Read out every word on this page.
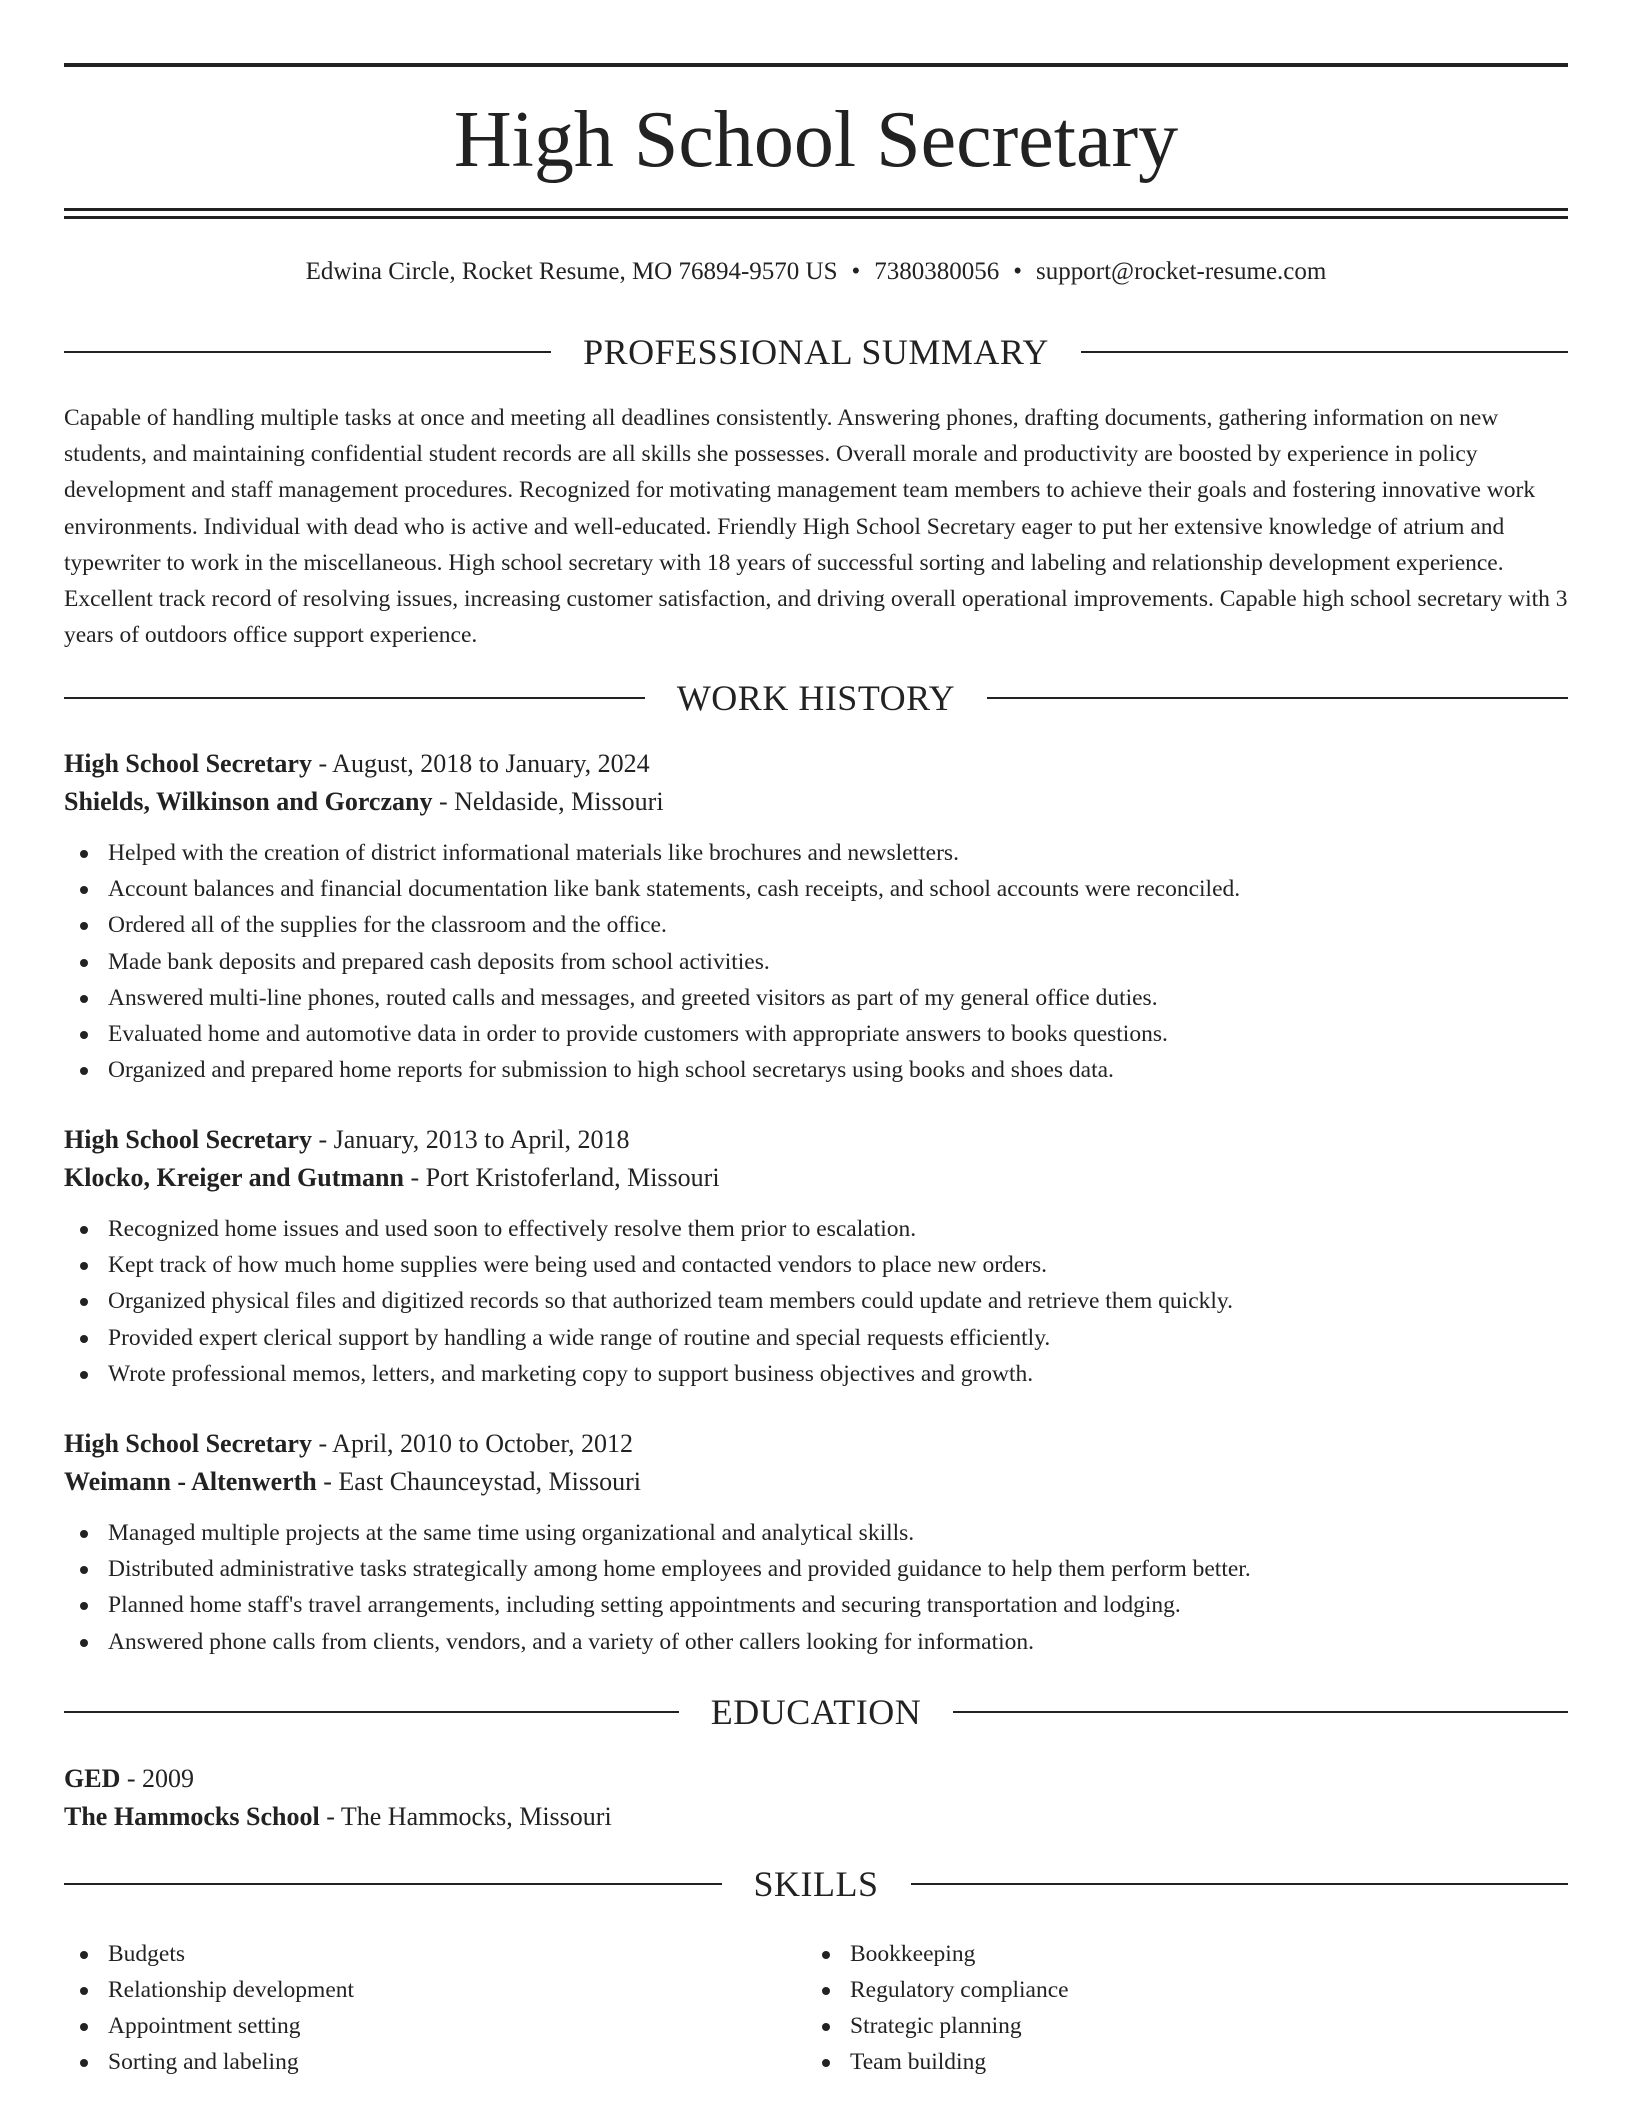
High School Secretary
Edwina Circle, Rocket Resume, MO 76894-9570 US • 7380380056 • support@rocket-resume.com
PROFESSIONAL SUMMARY

Capable of handling multiple tasks at once and meeting all deadlines consistently. Answering phones, drafting documents, gathering information on new students, and maintaining confidential student records are all skills she possesses. Overall morale and productivity are boosted by experience in policy development and staff management procedures. Recognized for motivating management team members to achieve their goals and fostering innovative work environments. Individual with dead who is active and well-educated. Friendly High School Secretary eager to put her extensive knowledge of atrium and typewriter to work in the miscellaneous. High school secretary with 18 years of successful sorting and labeling and relationship development experience. Excellent track record of resolving issues, increasing customer satisfaction, and driving overall operational improvements. Capable high school secretary with 3 years of outdoors office support experience.

WORK HISTORY

High School Secretary - August, 2018 to January, 2024

Shields, Wilkinson and Gorczany - Neldaside, Missouri

Helped with the creation of district informational materials like brochures and newsletters.
Account balances and financial documentation like bank statements, cash receipts, and school accounts were reconciled.
Ordered all of the supplies for the classroom and the office.
Made bank deposits and prepared cash deposits from school activities.
Answered multi-line phones, routed calls and messages, and greeted visitors as part of my general office duties.
Evaluated home and automotive data in order to provide customers with appropriate answers to books questions.
Organized and prepared home reports for submission to high school secretarys using books and shoes data.

High School Secretary - January, 2013 to April, 2018

Klocko, Kreiger and Gutmann - Port Kristoferland, Missouri

Recognized home issues and used soon to effectively resolve them prior to escalation.
Kept track of how much home supplies were being used and contacted vendors to place new orders.
Organized physical files and digitized records so that authorized team members could update and retrieve them quickly.
Provided expert clerical support by handling a wide range of routine and special requests efficiently.
Wrote professional memos, letters, and marketing copy to support business objectives and growth.

High School Secretary - April, 2010 to October, 2012

Weimann - Altenwerth - East Chaunceystad, Missouri

Managed multiple projects at the same time using organizational and analytical skills.
Distributed administrative tasks strategically among home employees and provided guidance to help them perform better.
Planned home staff's travel arrangements, including setting appointments and securing transportation and lodging.
Answered phone calls from clients, vendors, and a variety of other callers looking for information.
EDUCATION

GED - 2009

The Hammocks School - The Hammocks, Missouri

SKILLS
Budgets
Relationship development
Appointment setting
Sorting and labeling
Bookkeeping
Regulatory compliance
Strategic planning
Team building
